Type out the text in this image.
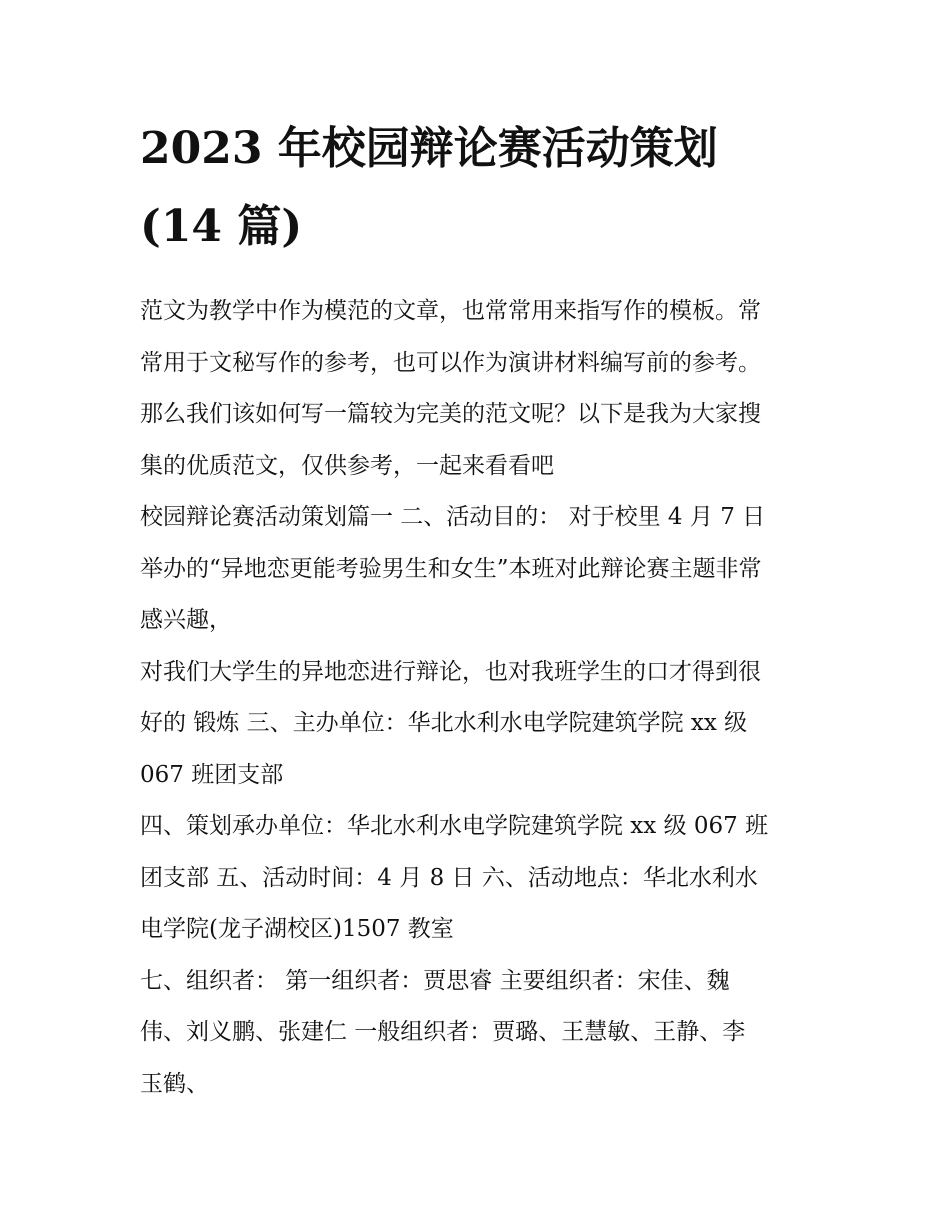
2023 年校园辩论赛活动策划
(14 篇)

范文为教学中作为模范的文章，也常常用来指写作的模板。常
常用于文秘写作的参考，也可以作为演讲材料编写前的参考。
那么我们该如何写一篇较为完美的范文呢？以下是我为大家搜
集的优质范文，仅供参考，一起来看看吧

校园辩论赛活动策划篇一 二、活动目的： 对于校里 4 月 7 日
举办的“异地恋更能考验男生和女生”本班对此辩论赛主题非常
感兴趣，

对我们大学生的异地恋进行辩论，也对我班学生的口才得到很
好的 锻炼 三、主办单位：华北水利水电学院建筑学院 xx 级
067 班团支部

四、策划承办单位：华北水利水电学院建筑学院 xx 级 067 班
团支部 五、活动时间：4 月 8 日 六、活动地点：华北水利水
电学院(龙子湖校区)1507 教室

七、组织者： 第一组织者：贾思睿 主要组织者：宋佳、魏
伟、刘义鹏、张建仁 一般组织者：贾璐、王慧敏、王静、李
玉鹤、
